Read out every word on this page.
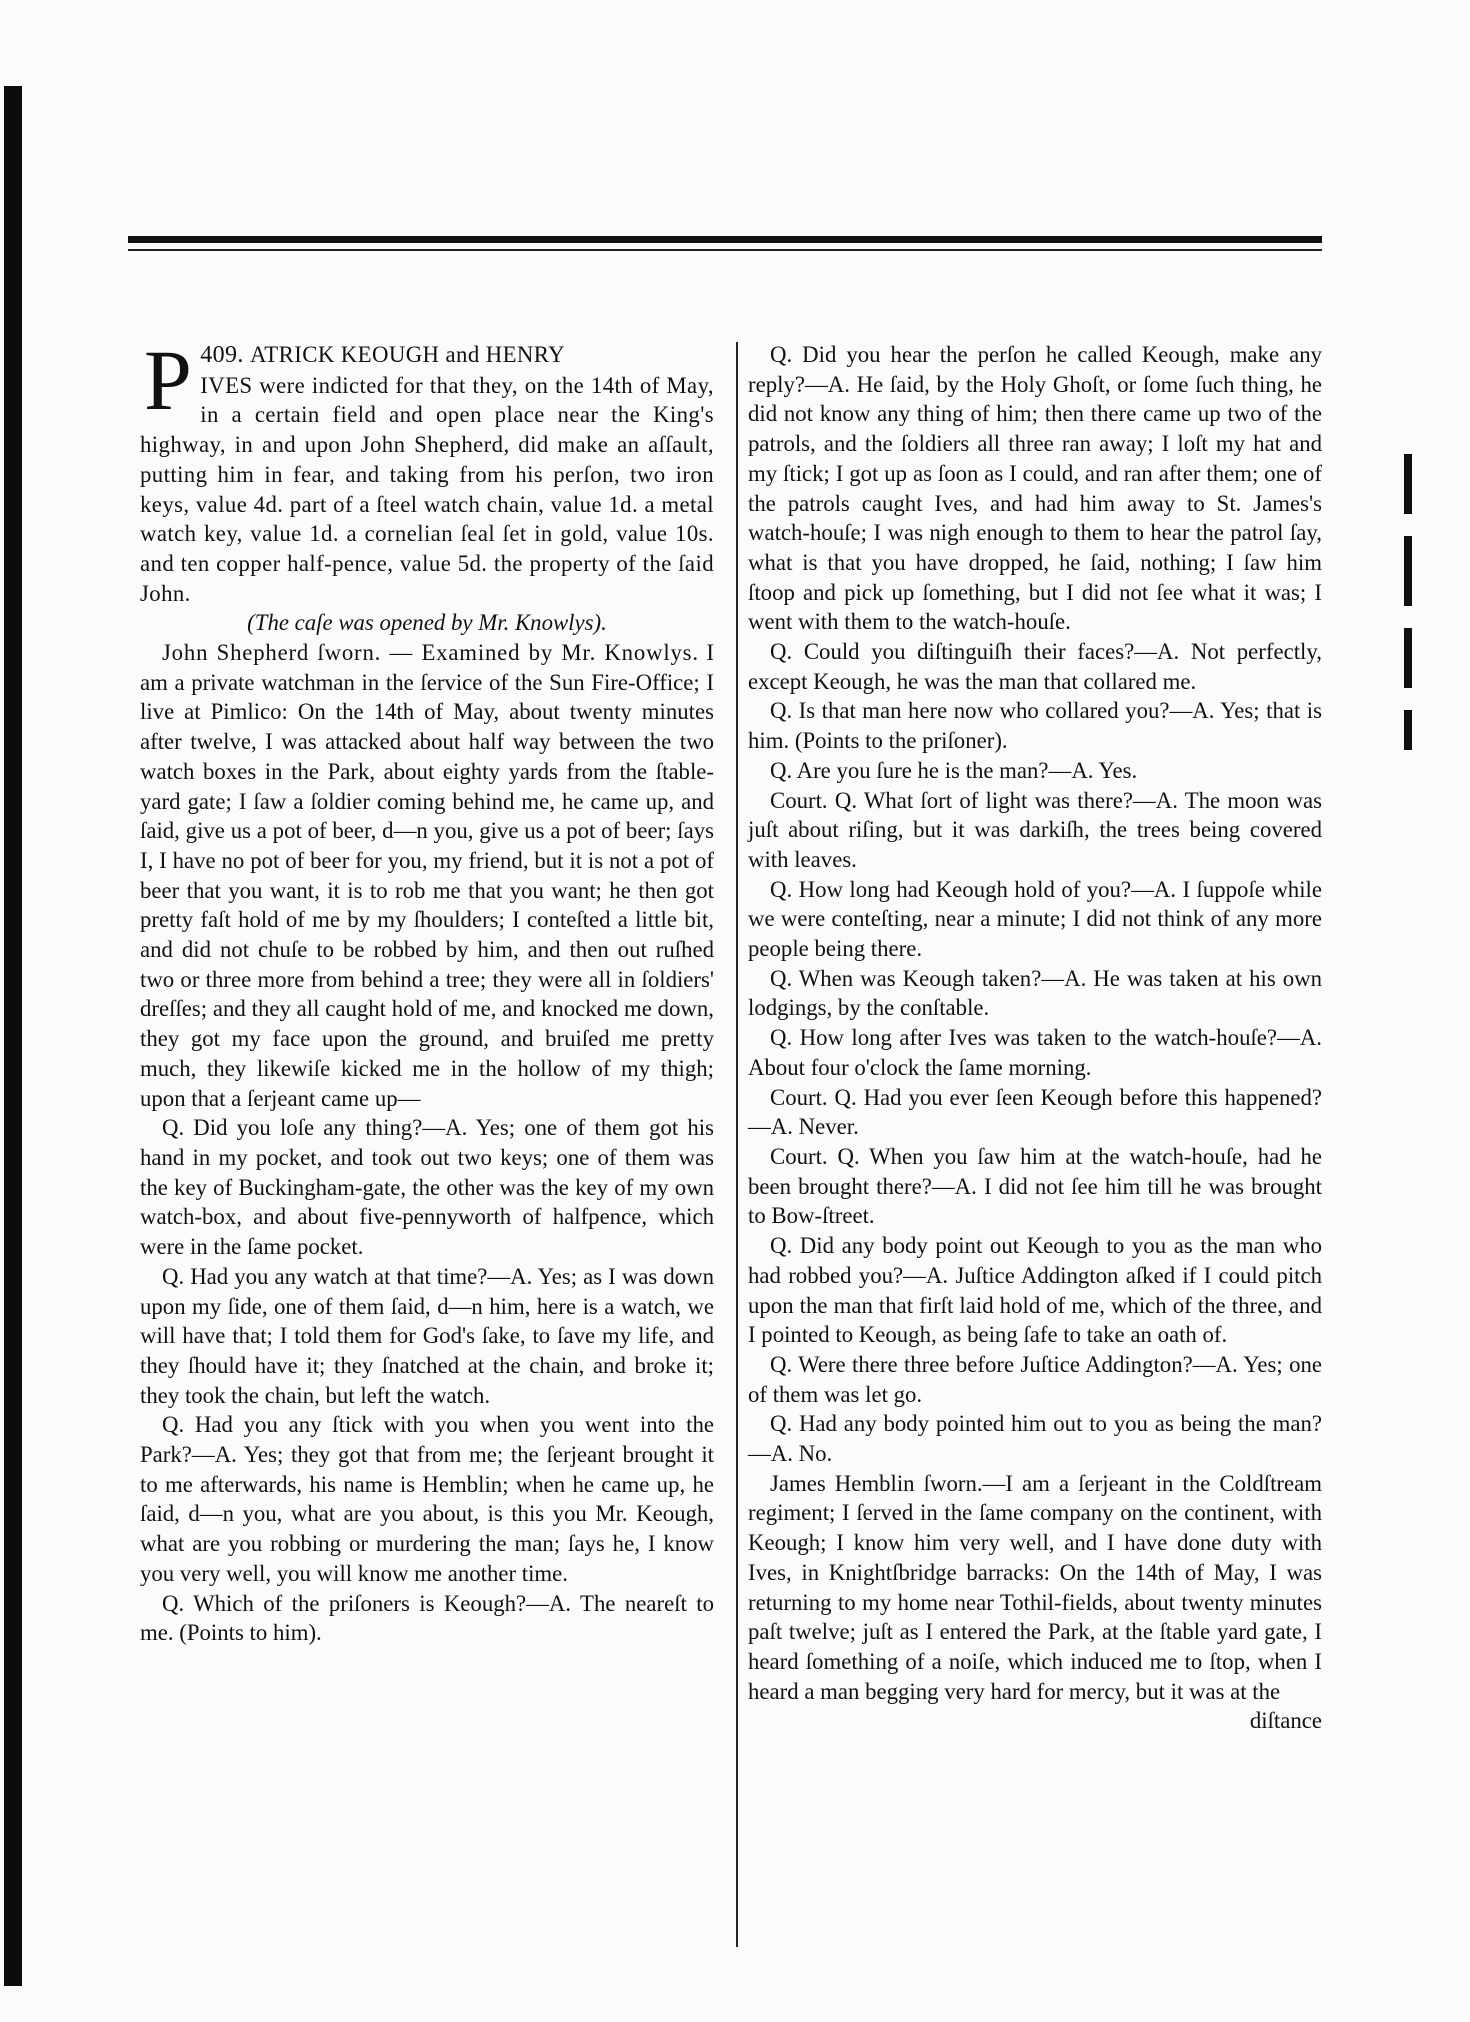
409.
P	ATRICK KEOUGH and HENRY
IVES were indicted for that they, on the 14th of May, in a certain field and open place near the King's highway, in and upon John Shepherd, did make an aſſault, putting him in fear, and taking from his perſon, two iron keys, value 4d. part of a ſteel watch chain, value 1d. a metal watch key, value 1d. a cornelian ſeal ſet in gold, value 10s. and ten copper half-pence, value 5d. the property of the ſaid John.

(The caſe was opened by Mr. Knowlys).

John Shepherd ſworn. — Examined by Mr. Knowlys. I am a private watchman in the ſervice of the Sun Fire-Office; I live at Pimlico: On the 14th of May, about twenty minutes after twelve, I was attacked about half way between the two watch boxes in the Park, about eighty yards from the ſtable-yard gate; I ſaw a ſoldier coming behind me, he came up, and ſaid, give us a pot of beer, d—n you, give us a pot of beer; ſays I, I have no pot of beer for you, my friend, but it is not a pot of beer that you want, it is to rob me that you want; he then got pretty faſt hold of me by my ſhoulders; I conteſted a little bit, and did not chuſe to be robbed by him, and then out ruſhed two or three more from behind a tree; they were all in ſoldiers' dreſſes; and they all caught hold of me, and knocked me down, they got my face upon the ground, and bruiſed me pretty much, they likewiſe kicked me in the hollow of my thigh; upon that a ſerjeant came up—

Q. Did you loſe any thing?—A. Yes; one of them got his hand in my pocket, and took out two keys; one of them was the key of Buckingham-gate, the other was the key of my own watch-box, and about five-pennyworth of halfpence, which were in the ſame pocket.

Q. Had you any watch at that time?—A. Yes; as I was down upon my ſide, one of them ſaid, d—n him, here is a watch, we will have that; I told them for God's ſake, to ſave my life, and they ſhould have it; they ſnatched at the chain, and broke it; they took the chain, but left the watch.

Q. Had you any ſtick with you when you went into the Park?—A. Yes; they got that from me; the ſerjeant brought it to me afterwards, his name is Hemblin; when he came up, he ſaid, d—n you, what are you about, is this you Mr. Keough, what are you robbing or murdering the man; ſays he, I know you very well, you will know me another time.

Q. Which of the priſoners is Keough?—A. The neareſt to me. (Points to him).

Q. Did you hear the perſon he called Keough, make any reply?—A. He ſaid, by the Holy Ghoſt, or ſome ſuch thing, he did not know any thing of him; then there came up two of the patrols, and the ſoldiers all three ran away; I loſt my hat and my ſtick; I got up as ſoon as I could, and ran after them; one of the patrols caught Ives, and had him away to St. James's watch-houſe; I was nigh enough to them to hear the patrol ſay, what is that you have dropped, he ſaid, nothing; I ſaw him ſtoop and pick up ſomething, but I did not ſee what it was; I went with them to the watch-houſe.

Q. Could you diſtinguiſh their faces?—A. Not perfectly, except Keough, he was the man that collared me.

Q. Is that man here now who collared you?—A. Yes; that is him. (Points to the priſoner).

Q. Are you ſure he is the man?—A. Yes.

Court. Q. What ſort of light was there?—A. The moon was juſt about riſing, but it was darkiſh, the trees being covered with leaves.

Q. How long had Keough hold of you?—A. I ſuppoſe while we were conteſting, near a minute; I did not think of any more people being there.

Q. When was Keough taken?—A. He was taken at his own lodgings, by the conſtable.

Q. How long after Ives was taken to the watch-houſe?—A. About four o'clock the ſame morning.

Court. Q. Had you ever ſeen Keough before this happened?—A. Never.

Court. Q. When you ſaw him at the watch-houſe, had he been brought there?—A. I did not ſee him till he was brought to Bow-ſtreet.

Q. Did any body point out Keough to you as the man who had robbed you?—A. Juſtice Addington aſked if I could pitch upon the man that firſt laid hold of me, which of the three, and I pointed to Keough, as being ſafe to take an oath of.

Q. Were there three before Juſtice Addington?—A. Yes; one of them was let go.

Q. Had any body pointed him out to you as being the man?—A. No.

James Hemblin ſworn.—I am a ſerjeant in the Coldſtream regiment; I ſerved in the ſame company on the continent, with Keough; I know him very well, and I have done duty with Ives, in Knightſbridge barracks: On the 14th of May, I was returning to my home near Tothil-fields, about twenty minutes paſt twelve; juſt as I entered the Park, at the ſtable yard gate, I heard ſomething of a noiſe, which induced me to ſtop, when I heard a man begging very hard for mercy, but it was at the

diſtance
